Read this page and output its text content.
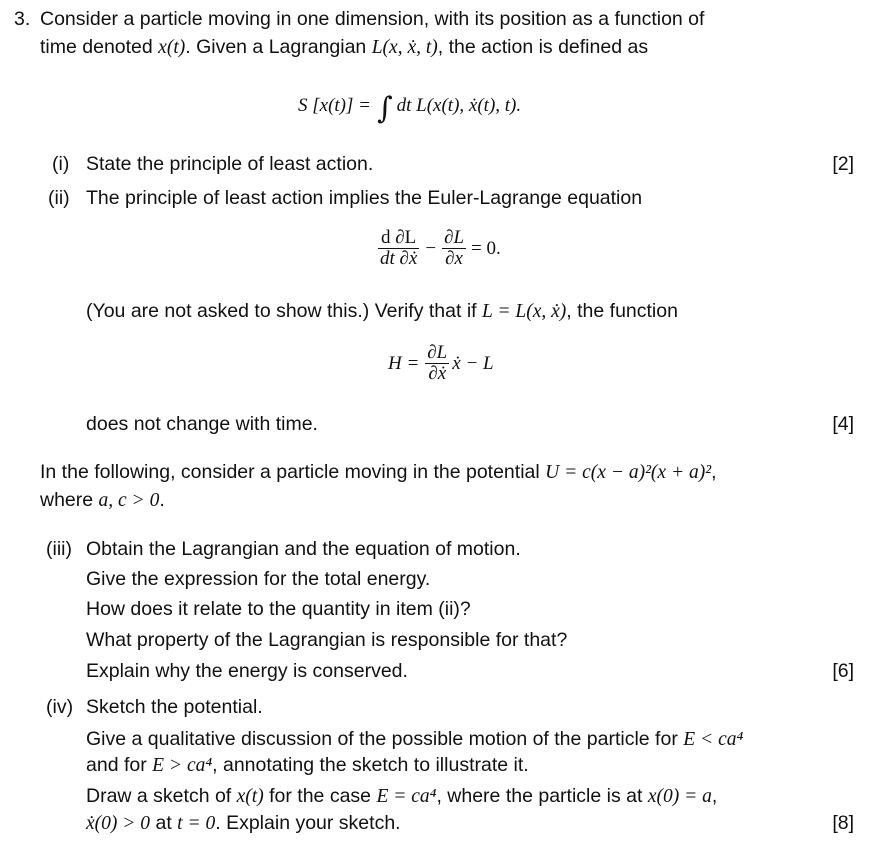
3. Consider a particle moving in one dimension, with its position as a function of
time denoted x(t). Given a Lagrangian L(x, ẋ, t), the action is defined as
S [x(t)] = ∫ dt L(x(t), ẋ(t), t).
(i) State the principle of least action.	[2]
(ii) The principle of least action implies the Euler-Lagrange equation
$\frac{d \partial L}{\text{dt ∂ẋ}} - \frac{\partial L}{\partial x} = 0$.
(You are not asked to show this.) Verify that if L = L(x, ẋ), the function
$H = \frac{\partial L}{\text{∂ẋ}}$ ẋ − L
does not change with time.	[4]
In the following, consider a particle moving in the potential U = c(x − a)²(x + a)²,
where a, c > 0.
(iii) Obtain the Lagrangian and the equation of motion.
Give the expression for the total energy.
How does it relate to the quantity in item (ii)?
What property of the Lagrangian is responsible for that?
Explain why the energy is conserved.	[6]
(iv) Sketch the potential.
Give a qualitative discussion of the possible motion of the particle for E < ca⁴
and for E > ca⁴, annotating the sketch to illustrate it.
Draw a sketch of x(t) for the case E = ca⁴, where the particle is at x(0) = a,
ẋ(0) > 0 at t = 0. Explain your sketch.	[8]
